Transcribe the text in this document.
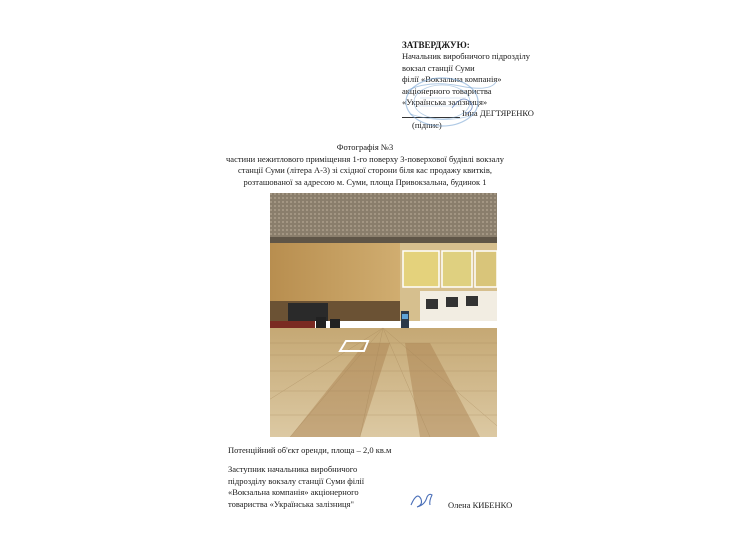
ЗАТВЕРДЖУЮ:
Начальник виробничого підрозділу
вокзал станції Суми
філії «Вокзальна компанія»
акціонерного товариства
«Українська залізниця»
Інна ДЕГТЯРЕНКО
(підпис)
Фотографія №3
частини нежитлового приміщення 1-го поверху 3-поверхової будівлі вокзалу
станції Суми (літера А-3) зі східної сторони біля кас продажу квитків,
розташованої за адресою м. Суми, площа Привокзальна, будинок 1
Потенційний об'єкт оренди, площа – 2,0 кв.м
Заступник начальника виробничого
підрозділу вокзалу станції Суми філії
«Вокзальна компанія» акціонерного
товариства «Українська залізниця"	Олена КИБЕНКО
